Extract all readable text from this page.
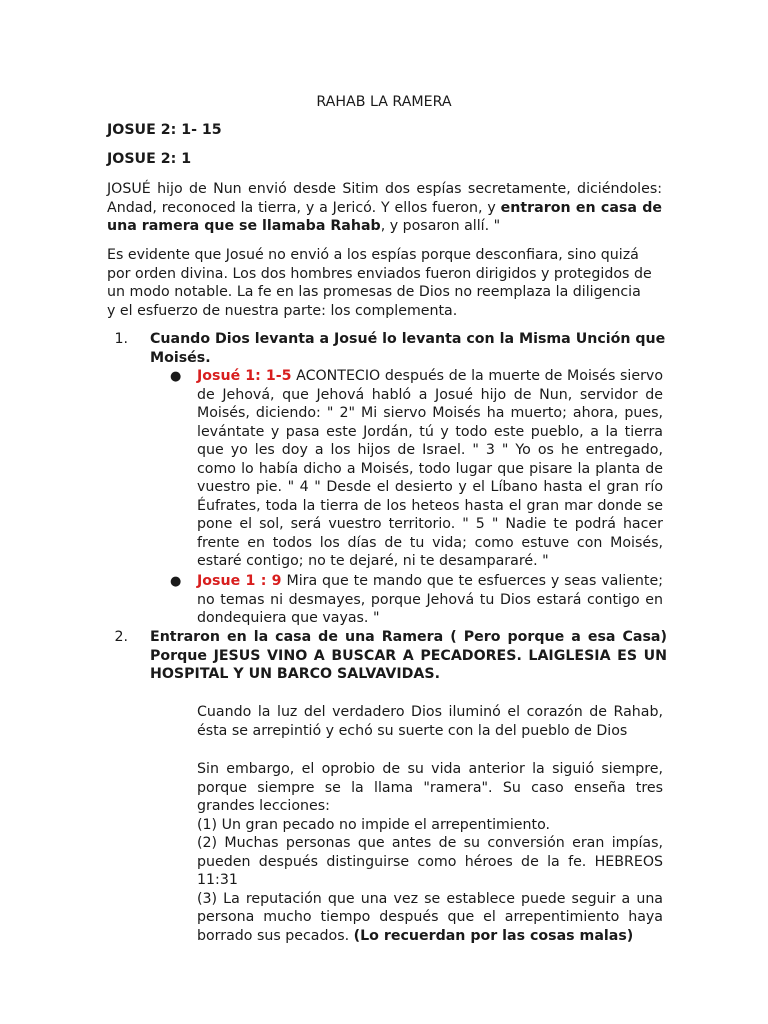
RAHAB LA RAMERA
JOSUE 2: 1- 15
JOSUE 2: 1
JOSUÉ hijo de Nun envió desde Sitim dos espías secretamente, diciéndoles: Andad, reconoced la tierra, y a Jericó. Y ellos fueron, y entraron en casa de una ramera que se llamaba Rahab, y posaron allí. "
Es evidente que Josué no envió a los espías porque desconfiara, sino quizá por orden divina. Los dos hombres enviados fueron dirigidos y protegidos de un modo notable. La fe en las promesas de Dios no reemplaza la diligencia y el esfuerzo de nuestra parte: los complementa.
1.	Cuando Dios levanta a Josué lo levanta con la Misma Unción que Moisés.
● Josué 1: 1-5 ACONTECIO después de la muerte de Moisés siervo de Jehová, que Jehová habló a Josué hijo de Nun, servidor de Moisés, diciendo: " 2" Mi siervo Moisés ha muerto; ahora, pues, levántate y pasa este Jordán, tú y todo este pueblo, a la tierra que yo les doy a los hijos de Israel. " 3 " Yo os he entregado, como lo había dicho a Moisés, todo lugar que pisare la planta de vuestro pie. " 4 " Desde el desierto y el Líbano hasta el gran río Éufrates, toda la tierra de los heteos hasta el gran mar donde se pone el sol, será vuestro territorio. " 5 " Nadie te podrá hacer frente en todos los días de tu vida; como estuve con Moisés, estaré contigo; no te dejaré, ni te desampararé. "
● Josue 1 : 9 Mira que te mando que te esfuerces y seas valiente; no temas ni desmayes, porque Jehová tu Dios estará contigo en dondequiera que vayas. "
2.	Entraron en la casa de una Ramera ( Pero porque a esa Casa) Porque JESUS VINO A BUSCAR A PECADORES. LAIGLESIA ES UN HOSPITAL Y UN BARCO SALVAVIDAS.
Cuando la luz del verdadero Dios iluminó el corazón de Rahab, ésta se arrepintió y echó su suerte con la del pueblo de Dios
Sin embargo, el oprobio de su vida anterior la siguió siempre, porque siempre se la llama "ramera". Su caso enseña tres grandes lecciones:
(1) Un gran pecado no impide el arrepentimiento.
(2) Muchas personas que antes de su conversión eran impías, pueden después distinguirse como héroes de la fe. HEBREOS 11:31
(3) La reputación que una vez se establece puede seguir a una persona mucho tiempo después que el arrepentimiento haya borrado sus pecados. (Lo recuerdan por las cosas malas)
